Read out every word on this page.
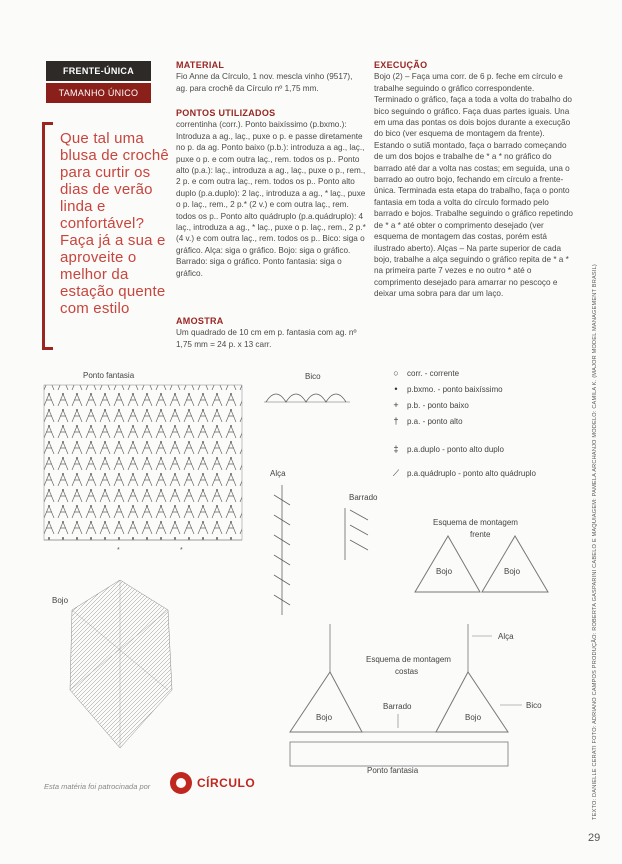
FRENTE-ÚNICA
TAMANHO ÚNICO
Que tal uma blusa de crochê para curtir os dias de verão linda e confortável? Faça já a sua e aproveite o melhor da estação quente com estilo
MATERIAL

Fio Anne da Círculo, 1 nov. mescla vinho (9517), ag. para crochê da Círculo nº 1,75 mm.

PONTOS UTILIZADOS

correntinha (corr.). Ponto baixíssimo (p.bxmo.): Introduza a ag., laç., puxe o p. e passe diretamente no p. da ag. Ponto baixo (p.b.): introduza a ag., laç., puxe o p. e com outra laç., rem. todos os p.. Ponto alto (p.a.): laç., introduza a ag., laç., puxe o p., rem., 2 p. e com outra laç., rem. todos os p.. Ponto alto duplo (p.a.duplo): 2 laç., introduza a ag., * laç., puxe o p. laç., rem., 2 p.* (2 v.) e com outra laç., rem. todos os p.. Ponto alto quádruplo (p.a.quádruplo): 4 laç., introduza a ag., * laç., puxe o p. laç., rem., 2 p.* (4 v.) e com outra laç., rem. todos os p.. Bico: siga o gráfico. Alça: siga o gráfico. Bojo: siga o gráfico. Barrado: siga o gráfico. Ponto fantasia: siga o gráfico.

AMOSTRA

Um quadrado de 10 cm em p. fantasia com ag. nº 1,75 mm = 24 p. x 13 carr.

EXECUÇÃO

Bojo (2) – Faça uma corr. de 6 p. feche em círculo e trabalhe seguindo o gráfico correspondente. Terminado o gráfico, faça a toda a volta do trabalho do bico seguindo o gráfico. Faça duas partes iguais. Una em uma das pontas os dois bojos durante a execução do bico (ver esquema de montagem da frente). Estando o sutiã montado, faça o barrado começando de um dos bojos e trabalhe de * a * no gráfico do barrado até dar a volta nas costas; em seguida, una o barrado ao outro bojo, fechando em círculo a frente-única. Terminada esta etapa do trabalho, faça o ponto fantasia em toda a volta do círculo formado pelo barrado e bojos. Trabalhe seguindo o gráfico repetindo de * a * até obter o comprimento desejado (ver esquema de montagem das costas, porém está ilustrado aberto). Alças – Na parte superior de cada bojo, trabalhe a alça seguindo o gráfico repita de * a * na primeira parte 7 vezes e no outro * até o comprimento desejado para amarrar no pescoço e deixar uma sobra para dar um laço.

Ponto fantasia
*	*
Bico
Alça
Barrado
Bojo
Esquema de montagem
frente
Bojo	Bojo
Esquema de montagem
costas
Alça
Barrado
Bojo	Bojo
Bico
Ponto fantasia
○	corr. - corrente
•	p.bxmo. - ponto baixíssimo
+	p.b. - ponto baixo
†	p.a. - ponto alto
‡	p.a.duplo - ponto alto duplo
⟋ p.a.quádruplo - ponto alto quádruplo	TEXTO: DANIELLE CERATI FOTO: ADRIANO CAMPOS PRODUÇÃO: ROBERTA GASPARINI CABELO E MAQUIAGEM: PAMELA ARCHANJO MODELO: CAMILA K. (MAJOR MODEL MANAGEMENT BRASIL)
Esta matéria foi patrocinada por	CÍRCULO
29
